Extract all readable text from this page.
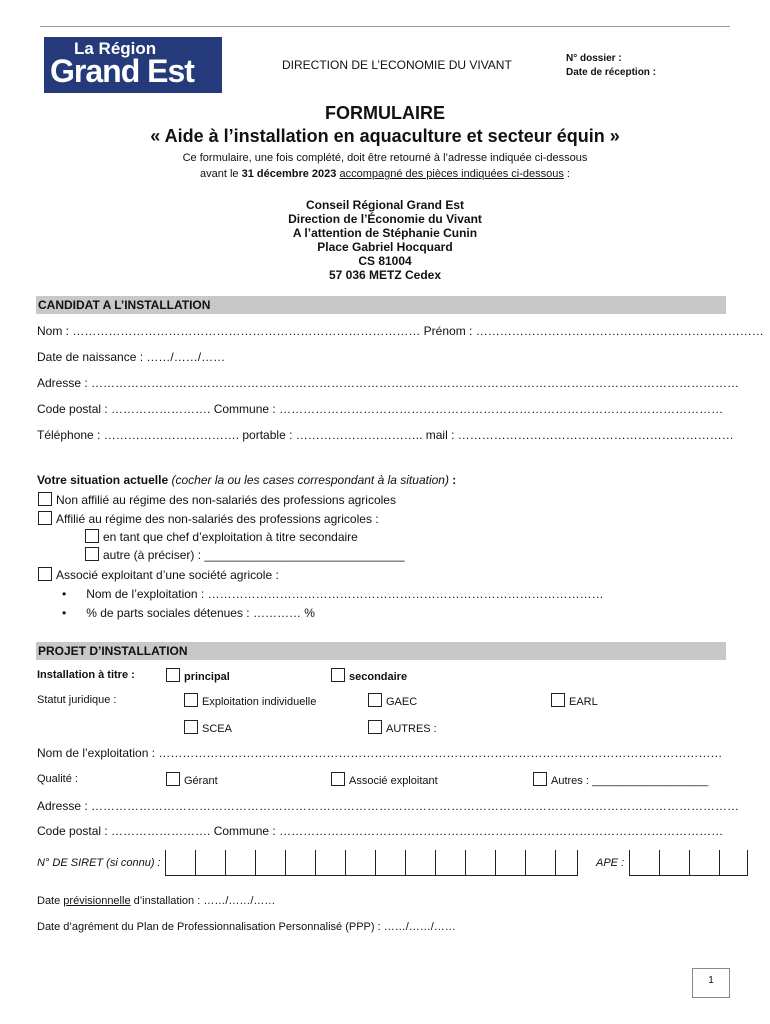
La Région
Grand Est	DIRECTION DE L’ECONOMIE DU VIVANT	N° dossier :
Date de réception :
FORMULAIRE
« Aide à l’installation en aquaculture et secteur équin »
Ce formulaire, une fois complété, doit être retourné à l’adresse indiquée ci-dessous
avant le 31 décembre 2023 accompagné des pièces indiquées ci-dessous :
Conseil Régional Grand Est
Direction de l’Économie du Vivant
A l’attention de Stéphanie Cunin
Place Gabriel Hocquard
CS 81004
57 036 METZ Cedex
CANDIDAT A L’INSTALLATION
Nom : …………………………………………………………………………… Prénom : ………………………………………………………………
Date de naissance : ……/……/……
Adresse : ………………………………………………………………………………………………………………………………………………
Code postal : ……………………. Commune : …………………………………………………………………………………………………
Téléphone : ……………………………. portable : ………………………….. mail : ……………………………………………………………
Votre situation actuelle (cocher la ou les cases correspondant à la situation) :
Non affilié au régime des non-salariés des professions agricoles
Affilié au régime des non-salariés des professions agricoles :
en tant que chef d’exploitation à titre secondaire
autre (à préciser) : ______________________________
Associé exploitant d’une société agricole :
• Nom de l’exploitation : ………………………………………………………………………………………
• % de parts sociales détenues : ………… %
PROJET D’INSTALLATION
Installation à titre :	principal	secondaire
Statut juridique :	Exploitation individuelle	GAEC	EARL
SCEA	AUTRES :
Nom de l’exploitation : ……………………………………………………………………………………………………………………………
Qualité :	Gérant	Associé exploitant	Autres : ___________________
Adresse : ………………………………………………………………………………………………………………………………………………
Code postal : ……………………. Commune : …………………………………………………………………………………………………
N° DE SIRET (si connu) :	APE :
Date prévisionnelle d’installation : ……/……/……
Date d’agrément du Plan de Professionnalisation Personnalisé (PPP) : ……/……/……
1
